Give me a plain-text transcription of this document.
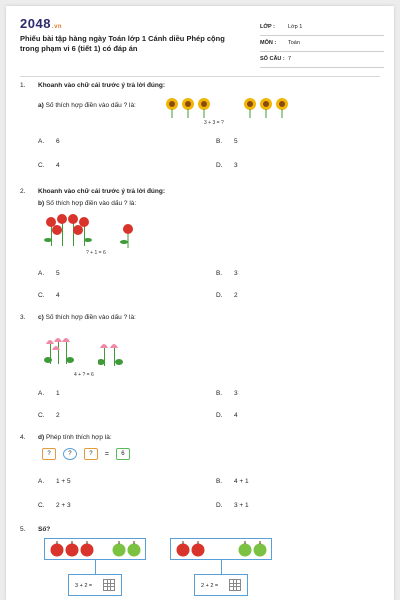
2048.vn
Phiếu bài tập hàng ngày Toán lớp 1 Cánh diều Phép cộng trong phạm vi 6 (tiết 1) có đáp án
LỚP : Lớp 1
MÔN : Toán
SỐ CÂU : 7
1. Khoanh vào chữ cái trước ý trả lời đúng:
a) Số thích hợp điền vào dấu ? là:
3 + 3 = ?
A. 6	B. 5
C. 4	D. 3
2. Khoanh vào chữ cái trước ý trả lời đúng:
b) Số thích hợp điền vào dấu ? là:
? + 1 = 6
A. 5	B. 3
C. 4	D. 2
3. c) Số thích hợp điền vào dấu ? là:
4 + ? = 6
A. 1	B. 3
C. 2	D. 4
4. d) Phép tính thích hợp là:
?	?	? = 6
A. 1 + 5	B. 4 + 1
C. 2 + 3	D. 3 + 1
5. Số?
3 + 2 =	2 + 2 =
